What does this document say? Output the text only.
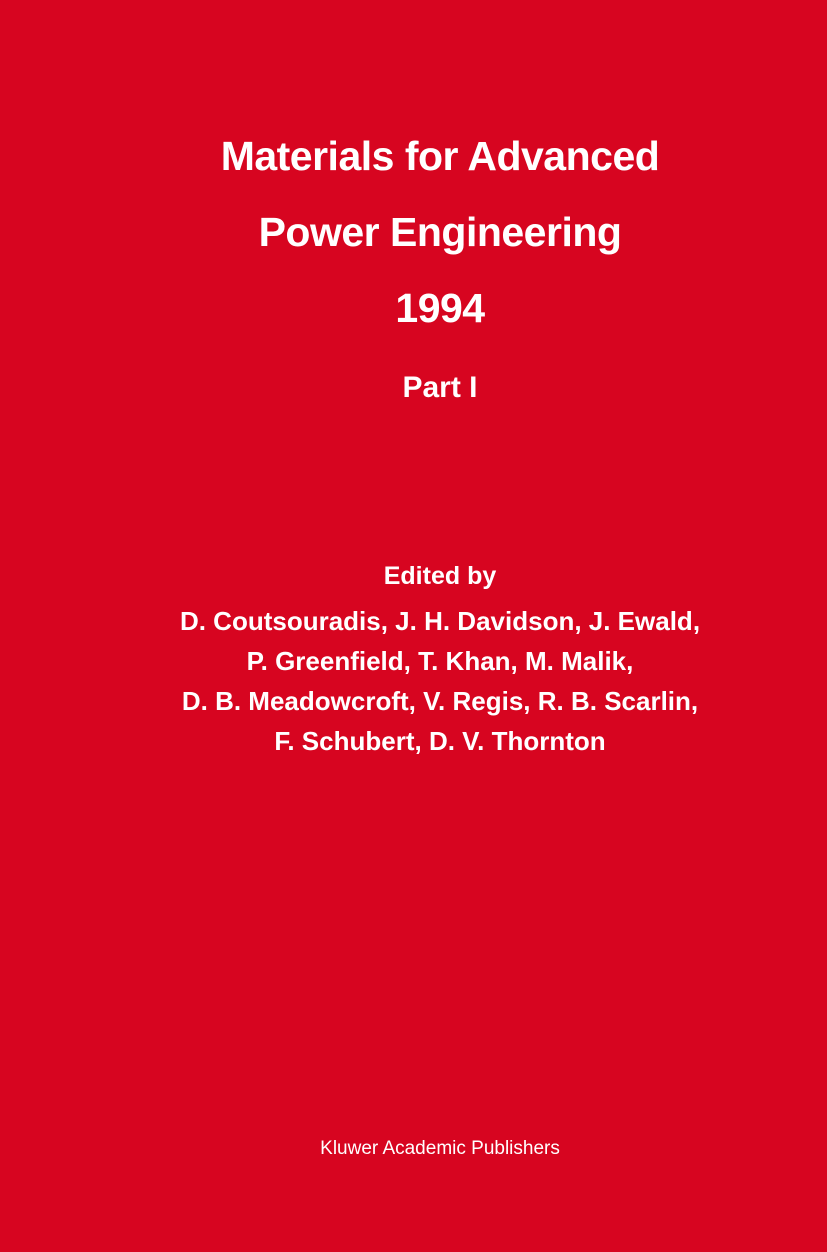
Materials for Advanced
Power Engineering
1994
Part I
Edited by
D. Coutsouradis, J. H. Davidson, J. Ewald,
P. Greenfield, T. Khan, M. Malik,
D. B. Meadowcroft, V. Regis, R. B. Scarlin,
F. Schubert, D. V. Thornton
Kluwer Academic Publishers
